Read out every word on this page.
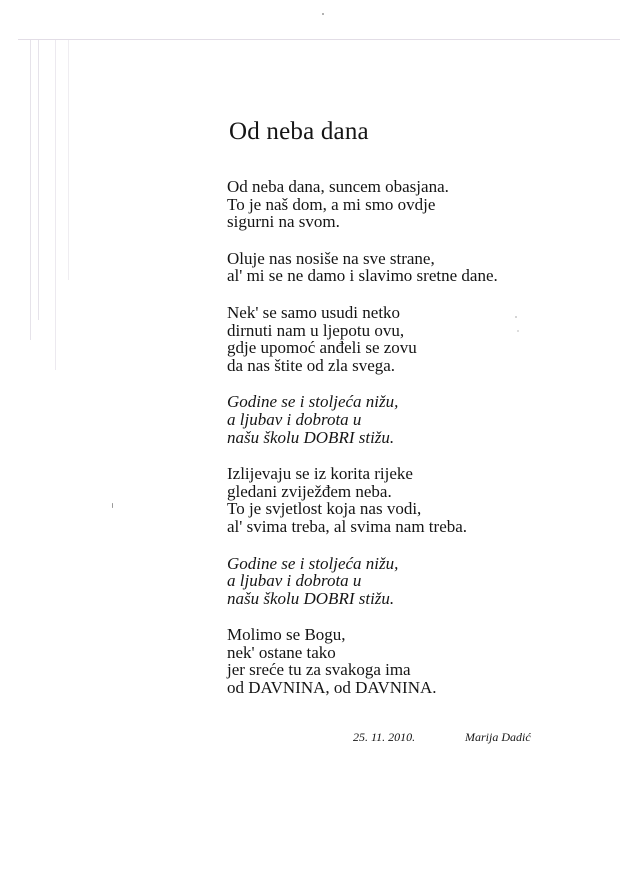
Od neba dana
Od neba dana, suncem obasjana.
To je naš dom, a mi smo ovdje
sigurni na svom.
Oluje nas nosiše na sve strane,
al' mi se ne damo i slavimo sretne dane.
Nek' se samo usudi netko
dirnuti nam u ljepotu ovu,
gdje upomoć anđeli se zovu
da nas štite od zla svega.
Godine se i stoljeća nižu,
a ljubav i dobrota u
našu školu DOBRI stižu.
Izlijevaju se iz korita rijeke
gledani zviježđem neba.
To je svjetlost koja nas vodi,
al' svima treba, al svima nam treba.
Godine se i stoljeća nižu,
a ljubav i dobrota u
našu školu DOBRI stižu.
Molimo se Bogu,
nek' ostane tako
jer sreće tu za svakoga ima
od DAVNINA, od DAVNINA.
25. 11. 2010.	Marija Dadić
